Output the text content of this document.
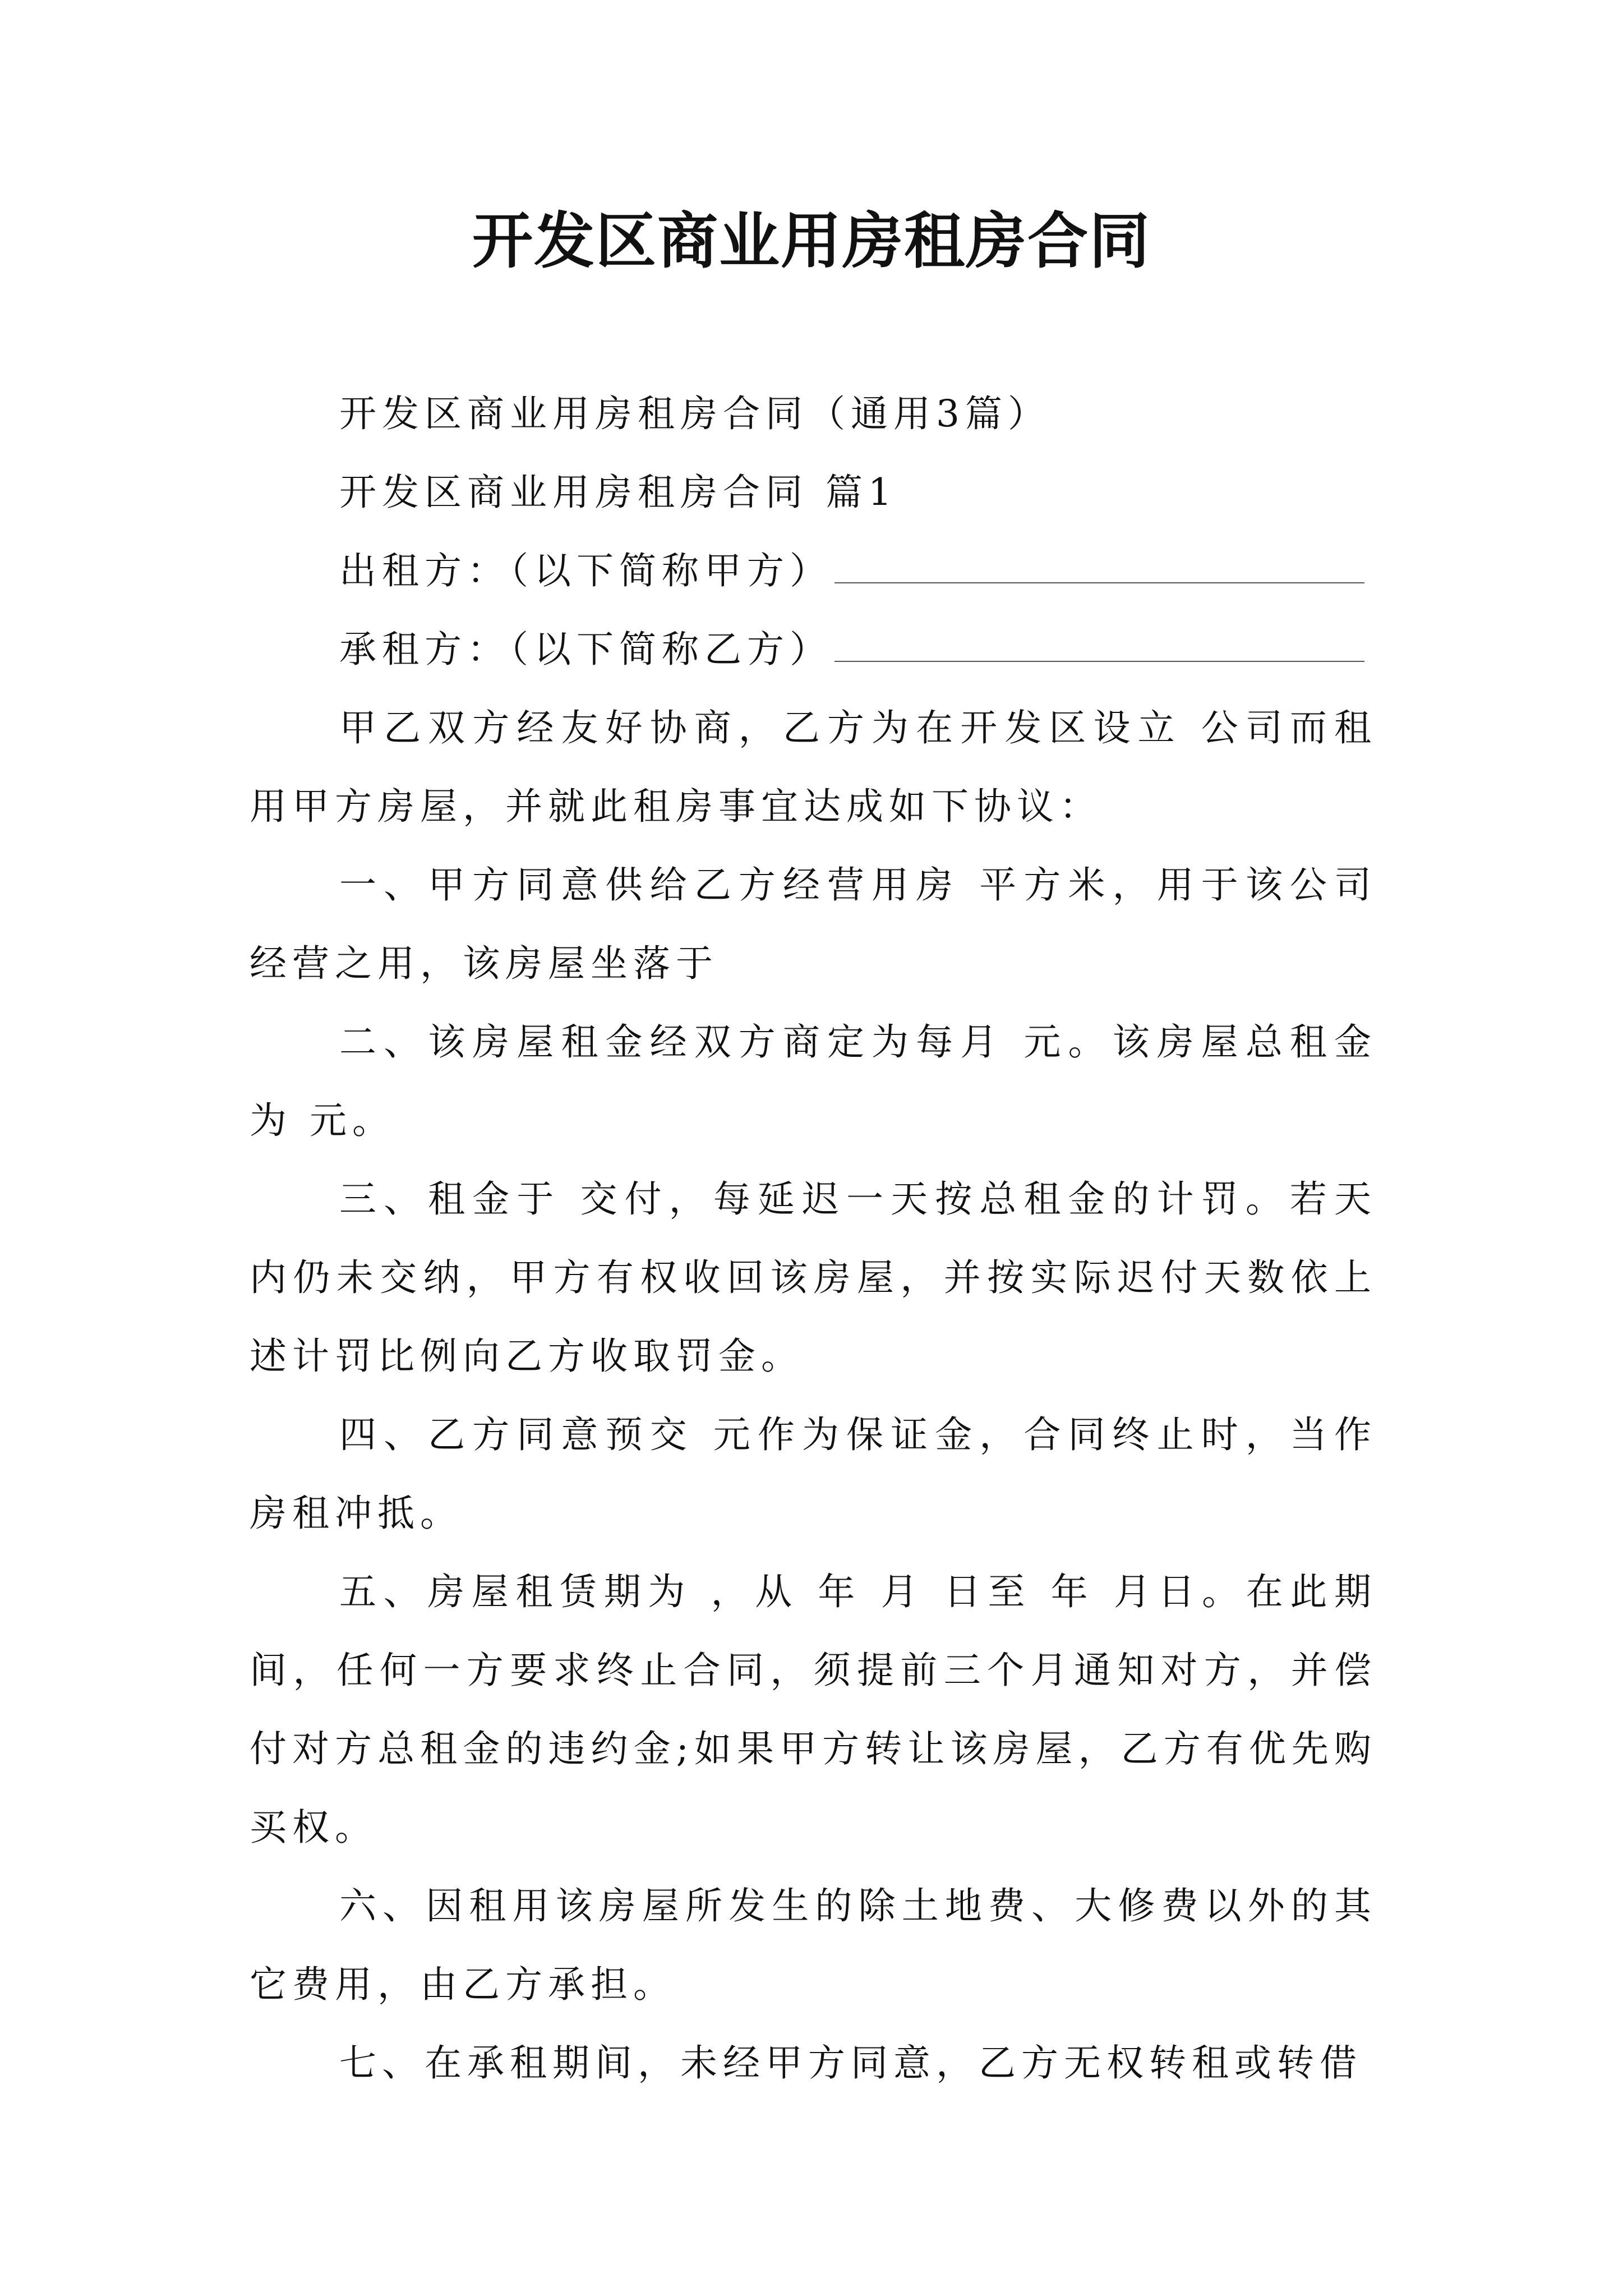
开发区商业用房租房合同

开发区商业用房租房合同（通用3篇）

开发区商业用房租房合同 篇1

出租方：（以下简称甲方）

承租方：（以下简称乙方）

甲乙双方经友好协商，乙方为在开发区设立 公司而租用甲方房屋，并就此租房事宜达成如下协议：

一、甲方同意供给乙方经营用房 平方米，用于该公司经营之用，该房屋坐落于

二、该房屋租金经双方商定为每月 元。该房屋总租金为 元。

三、租金于 交付，每延迟一天按总租金的计罚。若天内仍未交纳，甲方有权收回该房屋，并按实际迟付天数依上述计罚比例向乙方收取罚金。

四、乙方同意预交 元作为保证金，合同终止时，当作房租冲抵。

五、房屋租赁期为 ，从 年 月 日至 年 月日。在此期间，任何一方要求终止合同，须提前三个月通知对方，并偿付对方总租金的违约金;如果甲方转让该房屋，乙方有优先购买权。

六、因租用该房屋所发生的除土地费、大修费以外的其它费用，由乙方承担。

七、在承租期间，未经甲方同意，乙方无权转租或转借
